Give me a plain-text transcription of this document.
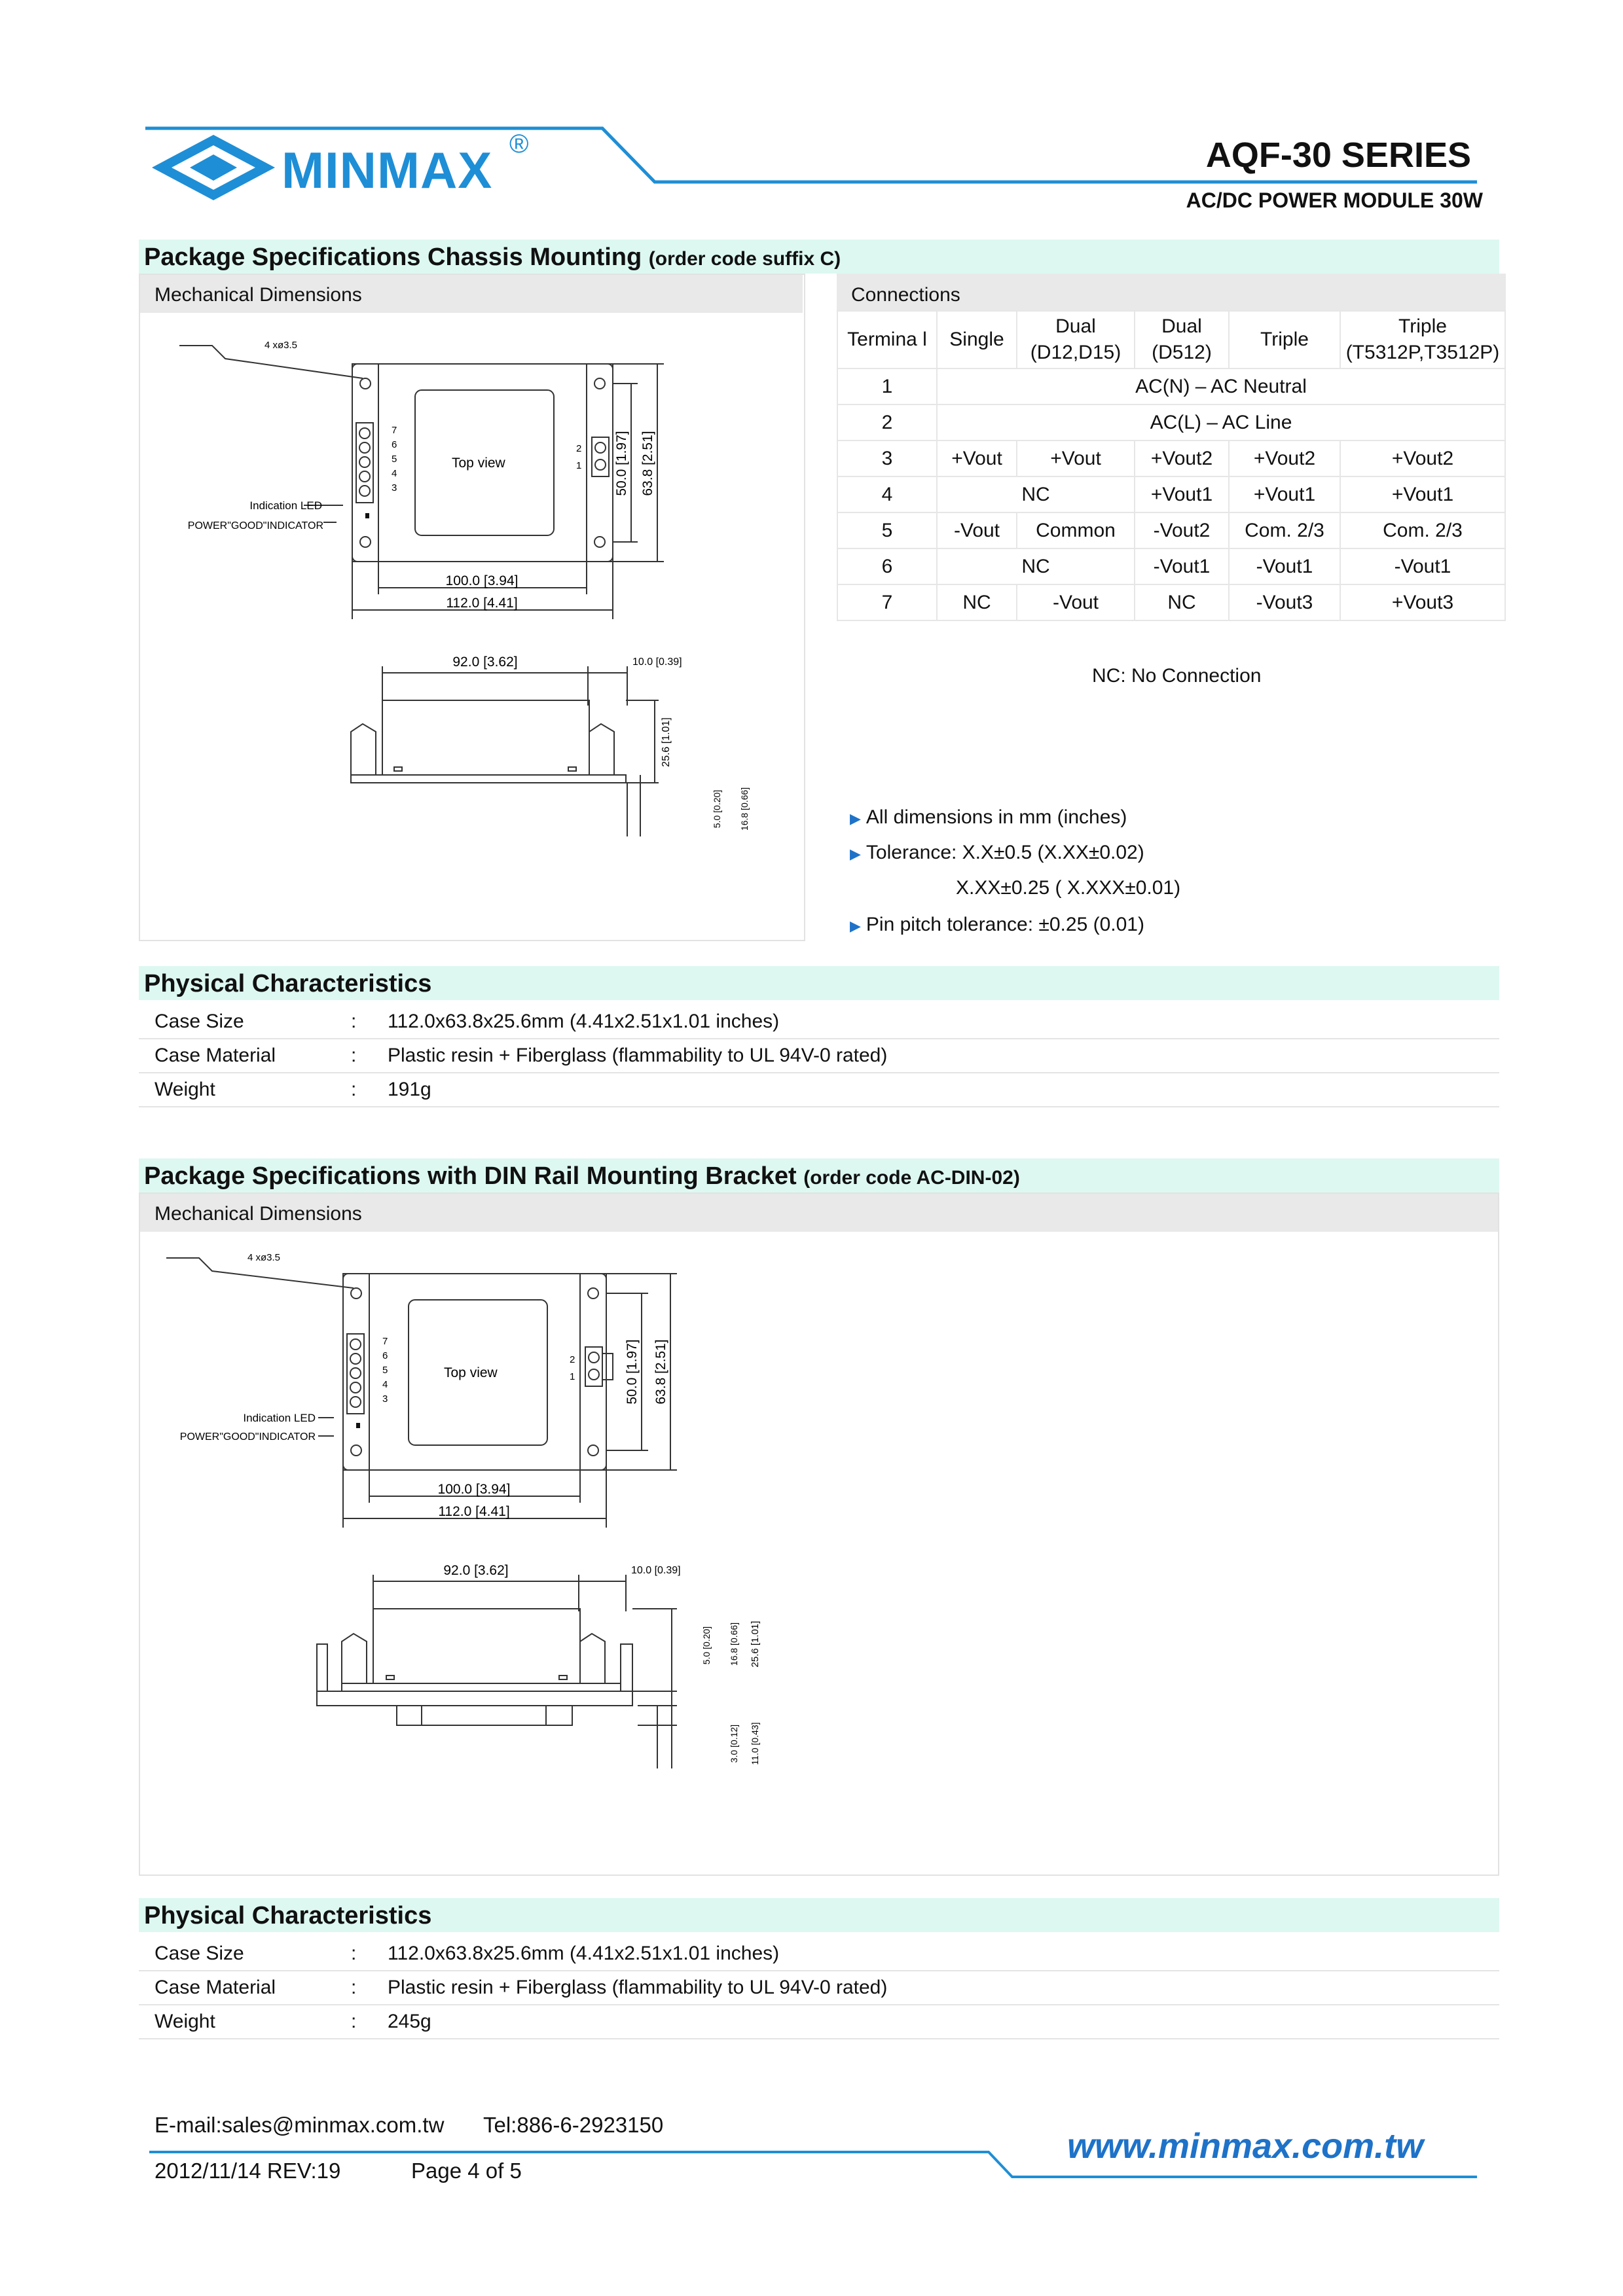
MINMAX ®	AQF-30 SERIES
AC/DC POWER MODULE 30W
Package Specifications Chassis Mounting (order code suffix C)
Mechanical Dimensions
4 xø3.5
Top view
Indication LED
POWER"GOOD"INDICATOR
7
6
5
4
3
2
1
100.0 [3.94]
112.0 [4.41]
50.0 [1.97] 63.8 [2.51]
92.0 [3.62]	10.0 [0.39]
25.6 [1.01]
5.0 [0.20] 16.8 [0.66]
Connections
Termina l	Single	Dual (D12,D15)	Dual (D512)	Triple	Triple (T5312P,T3512P)
1	AC(N) – AC Neutral				
2	AC(L) – AC Line				
3	+Vout	+Vout	+Vout2	+Vout2	+Vout2
4	NC		+Vout1	+Vout1	+Vout1
5	-Vout	Common	-Vout2	Com. 2/3	Com. 2/3
6	NC		-Vout1	-Vout1	-Vout1
7	NC	-Vout	NC	-Vout3	+Vout3
NC: No Connection
▶ All dimensions in mm (inches)
▶ Tolerance: X.X±0.5 (X.XX±0.02)
X.XX±0.25 ( X.XXX±0.01)
▶ Pin pitch tolerance: ±0.25 (0.01)
Physical Characteristics
Case Size	: 112.0x63.8x25.6mm (4.41x2.51x1.01 inches)
Case Material	: Plastic resin + Fiberglass (flammability to UL 94V-0 rated)
Weight	: 191g
Package Specifications with DIN Rail Mounting Bracket (order code AC-DIN-02)
Mechanical Dimensions
4 xø3.5
Top view
Indication LED
POWER"GOOD"INDICATOR
7
6
5
4
3
2
1
100.0 [3.94]
112.0 [4.41]
50.0 [1.97] 63.8 [2.51]
92.0 [3.62]	10.0 [0.39]
5.0 [0.20] 16.8 [0.66] 25.6 [1.01]
3.0 [0.12] 11.0 [0.43]
Physical Characteristics
Case Size	: 112.0x63.8x25.6mm (4.41x2.51x1.01 inches)
Case Material	: Plastic resin + Fiberglass (flammability to UL 94V-0 rated)
Weight	: 245g
E-mail:sales@minmax.com.tw Tel:886-6-2923150
2012/11/14 REV:19	Page 4 of 5
www.minmax.com.tw
